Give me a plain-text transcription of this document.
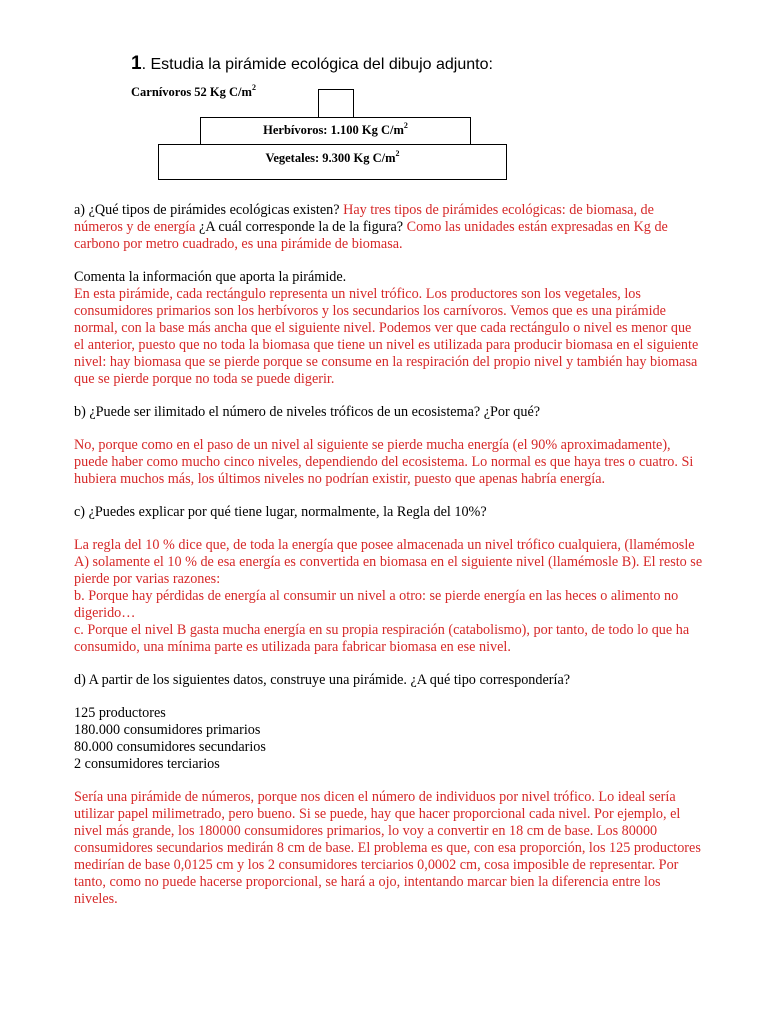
1. Estudia la pirámide ecológica del dibujo adjunto:
Carnívoros 52 Kg $C/m^2$
Herbívoros: 1.100 Kg $C/m^2$
Vegetales: 9.300 Kg $C/m^2$

a) ¿Qué tipos de pirámides ecológicas existen? Hay tres tipos de pirámides ecológicas: de biomasa, de números y de energía ¿A cuál corresponde la de la figura? Como las unidades están expresadas en Kg de carbono por metro cuadrado, es una pirámide de biomasa.

Comenta la información que aporta la pirámide.
En esta pirámide, cada rectángulo representa un nivel trófico. Los productores son los vegetales, los consumidores primarios son los herbívoros y los secundarios los carnívoros. Vemos que es una pirámide normal, con la base más ancha que el siguiente nivel. Podemos ver que cada rectángulo o nivel es menor que el anterior, puesto que no toda la biomasa que tiene un nivel es utilizada para producir biomasa en el siguiente nivel: hay biomasa que se pierde porque se consume en la respiración del propio nivel y también hay biomasa que se pierde porque no toda se puede digerir.

b) ¿Puede ser ilimitado el número de niveles tróficos de un ecosistema? ¿Por qué?

No, porque como en el paso de un nivel al siguiente se pierde mucha energía (el 90% aproximadamente), puede haber como mucho cinco niveles, dependiendo del ecosistema. Lo normal es que haya tres o cuatro. Si hubiera muchos más, los últimos niveles no podrían existir, puesto que apenas habría energía.

c) ¿Puedes explicar por qué tiene lugar, normalmente, la Regla del 10%?

La regla del 10 % dice que, de toda la energía que posee almacenada un nivel trófico cualquiera, (llamémosle A) solamente el 10 % de esa energía es convertida en biomasa en el siguiente nivel (llamémosle B). El resto se pierde por varias razones:
b. Porque hay pérdidas de energía al consumir un nivel a otro: se pierde energía en las heces o alimento no digerido…
c. Porque el nivel B gasta mucha energía en su propia respiración (catabolismo), por tanto, de todo lo que ha consumido, una mínima parte es utilizada para fabricar biomasa en ese nivel.

d) A partir de los siguientes datos, construye una pirámide. ¿A qué tipo correspondería?

125 productores
180.000 consumidores primarios
80.000 consumidores secundarios
2 consumidores terciarios

Sería una pirámide de números, porque nos dicen el número de individuos por nivel trófico. Lo ideal sería utilizar papel milimetrado, pero bueno. Si se puede, hay que hacer proporcional cada nivel. Por ejemplo, el nivel más grande, los 180000 consumidores primarios, lo voy a convertir en 18 cm de base. Los 80000 consumidores secundarios medirán 8 cm de base. El problema es que, con esa proporción, los 125 productores medirían de base 0,0125 cm y los 2 consumidores terciarios 0,0002 cm, cosa imposible de representar. Por tanto, como no puede hacerse proporcional, se hará a ojo, intentando marcar bien la diferencia entre los niveles.
